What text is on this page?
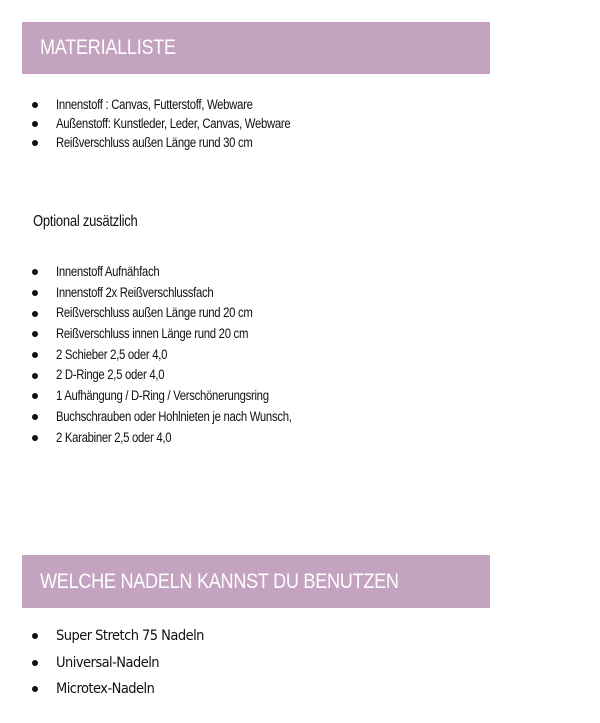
MATERIALLISTE
Innenstoff : Canvas, Futterstoff, Webware
Außenstoff: Kunstleder, Leder, Canvas, Webware
Reißverschluss außen Länge rund 30 cm
Optional zusätzlich
Innenstoff Aufnähfach
Innenstoff 2x Reißverschlussfach
Reißverschluss außen Länge rund 20 cm
Reißverschluss innen Länge rund 20 cm
2 Schieber 2,5 oder 4,0
2 D-Ringe 2,5 oder 4,0
1 Aufhängung / D-Ring / Verschönerungsring
Buchschrauben oder Hohlnieten je nach Wunsch,
2 Karabiner 2,5 oder 4,0
WELCHE NADELN KANNST DU BENUTZEN
Super Stretch 75 Nadeln
Universal-Nadeln
Microtex-Nadeln
